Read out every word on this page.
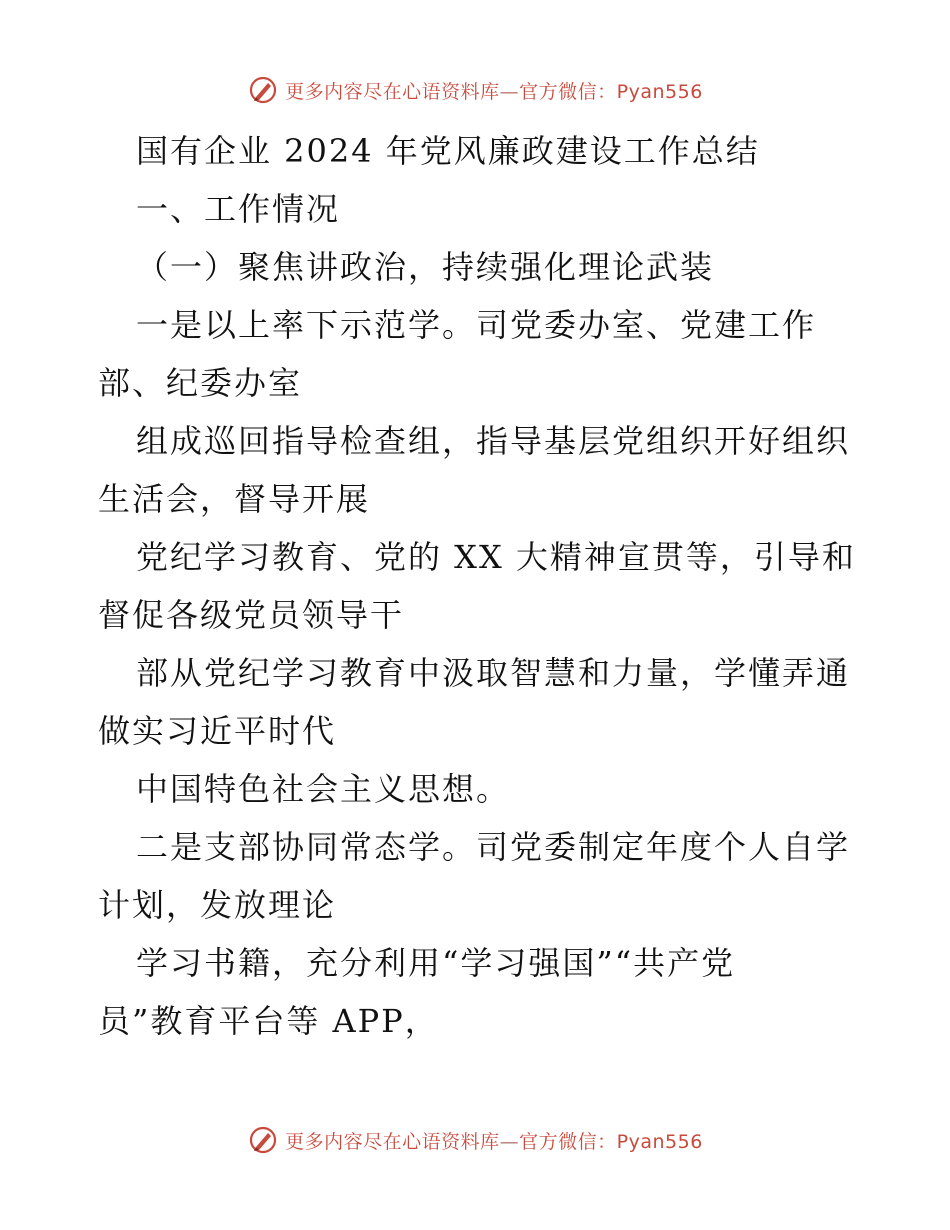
更多内容尽在心语资料库—官方微信：Pyan556
国有企业 2024 年党风廉政建设工作总结
一、工作情况
（一）聚焦讲政治，持续强化理论武装
一是以上率下示范学。司党委办室、党建工作
部、纪委办室
组成巡回指导检查组，指导基层党组织开好组织
生活会，督导开展
党纪学习教育、党的 XX 大精神宣贯等，引导和
督促各级党员领导干
部从党纪学习教育中汲取智慧和力量，学懂弄通
做实习近平时代
中国特色社会主义思想。
二是支部协同常态学。司党委制定年度个人自学
计划，发放理论
学习书籍，充分利用“学习强国”“共产党
员”教育平台等 APP，
更多内容尽在心语资料库—官方微信：Pyan556
